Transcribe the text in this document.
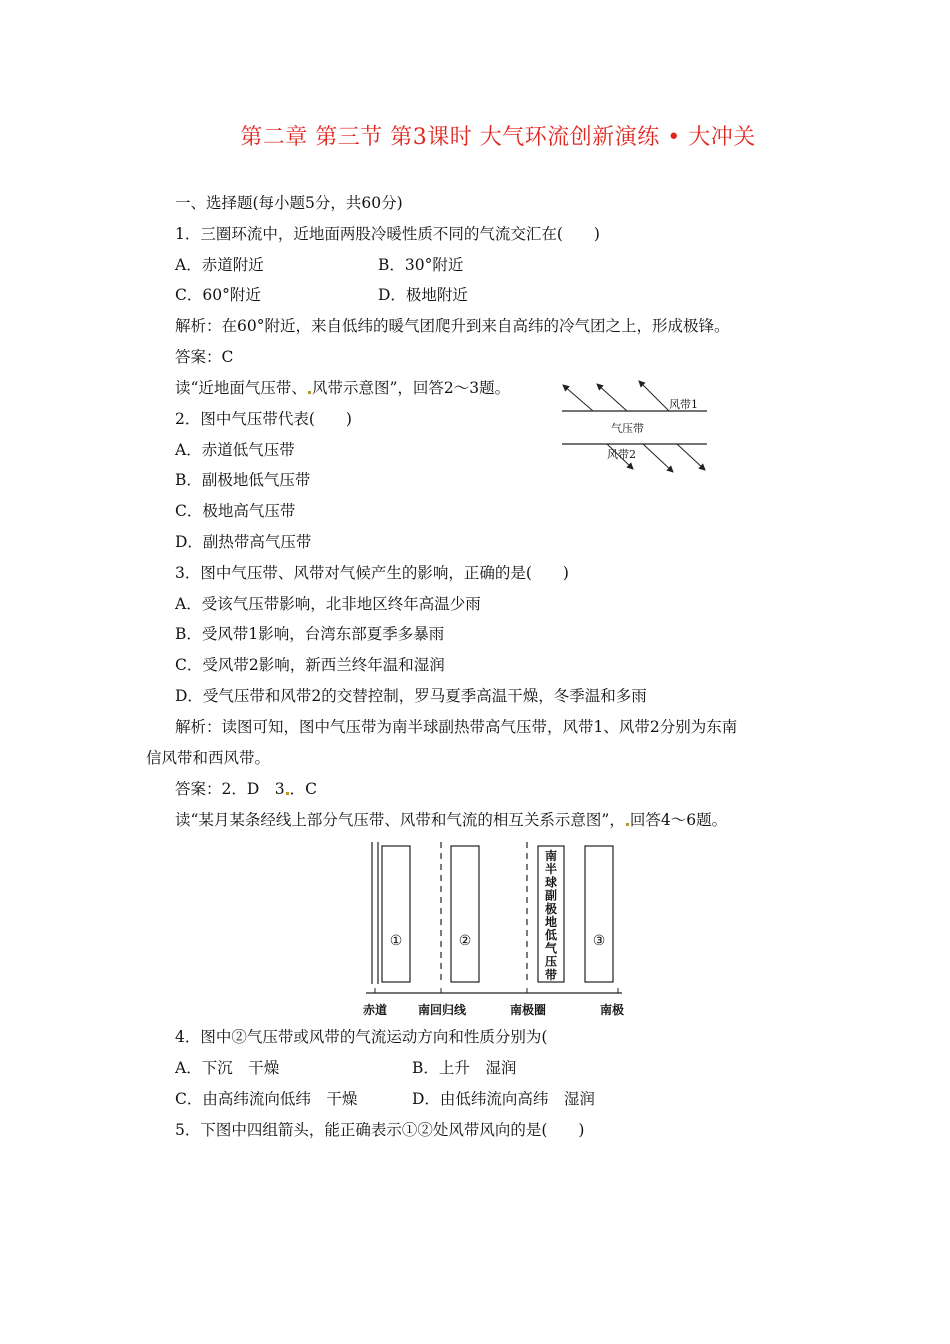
第二章 第三节 第3课时 大气环流创新演练 • 大冲关
一、选择题(每小题5分，共60分)
1．三圈环流中，近地面两股冷暖性质不同的气流交汇在(　　)
A．赤道附近	B．30°附近
C．60°附近	D．极地附近
解析：在60°附近，来自低纬的暖气团爬升到来自高纬的冷气团之上，形成极锋。
答案：C
读“近地面气压带、 风带示意图”，回答2～3题。
风带1
气压带
风带2
2．图中气压带代表(　　)
A．赤道低气压带
B．副极地低气压带
C．极地高气压带
D．副热带高气压带
3．图中气压带、风带对气候产生的影响，正确的是(　　)
A．受该气压带影响，北非地区终年高温少雨
B．受风带1影响，台湾东部夏季多暴雨
C．受风带2影响，新西兰终年温和湿润
D．受气压带和风带2的交替控制，罗马夏季高温干燥，冬季温和多雨
解析：读图可知，图中气压带为南半球副热带高气压带，风带1、风带2分别为东南
信风带和西风带。
答案：2．D　3 ．C
读“某月某条经线上部分气压带、风带和气流的相互关系示意图”， 回答4～6题。
①	②
南
半
球
副
极
地
低
气
压
带
③
赤道	南回归线	南极圈	南极
4．图中②气压带或风带的气流运动方向和性质分别为(
A．下沉　干燥	B．上升　湿润
C．由高纬流向低纬　干燥	D．由低纬流向高纬　湿润
5．下图中四组箭头，能正确表示①②处风带风向的是(　　)
